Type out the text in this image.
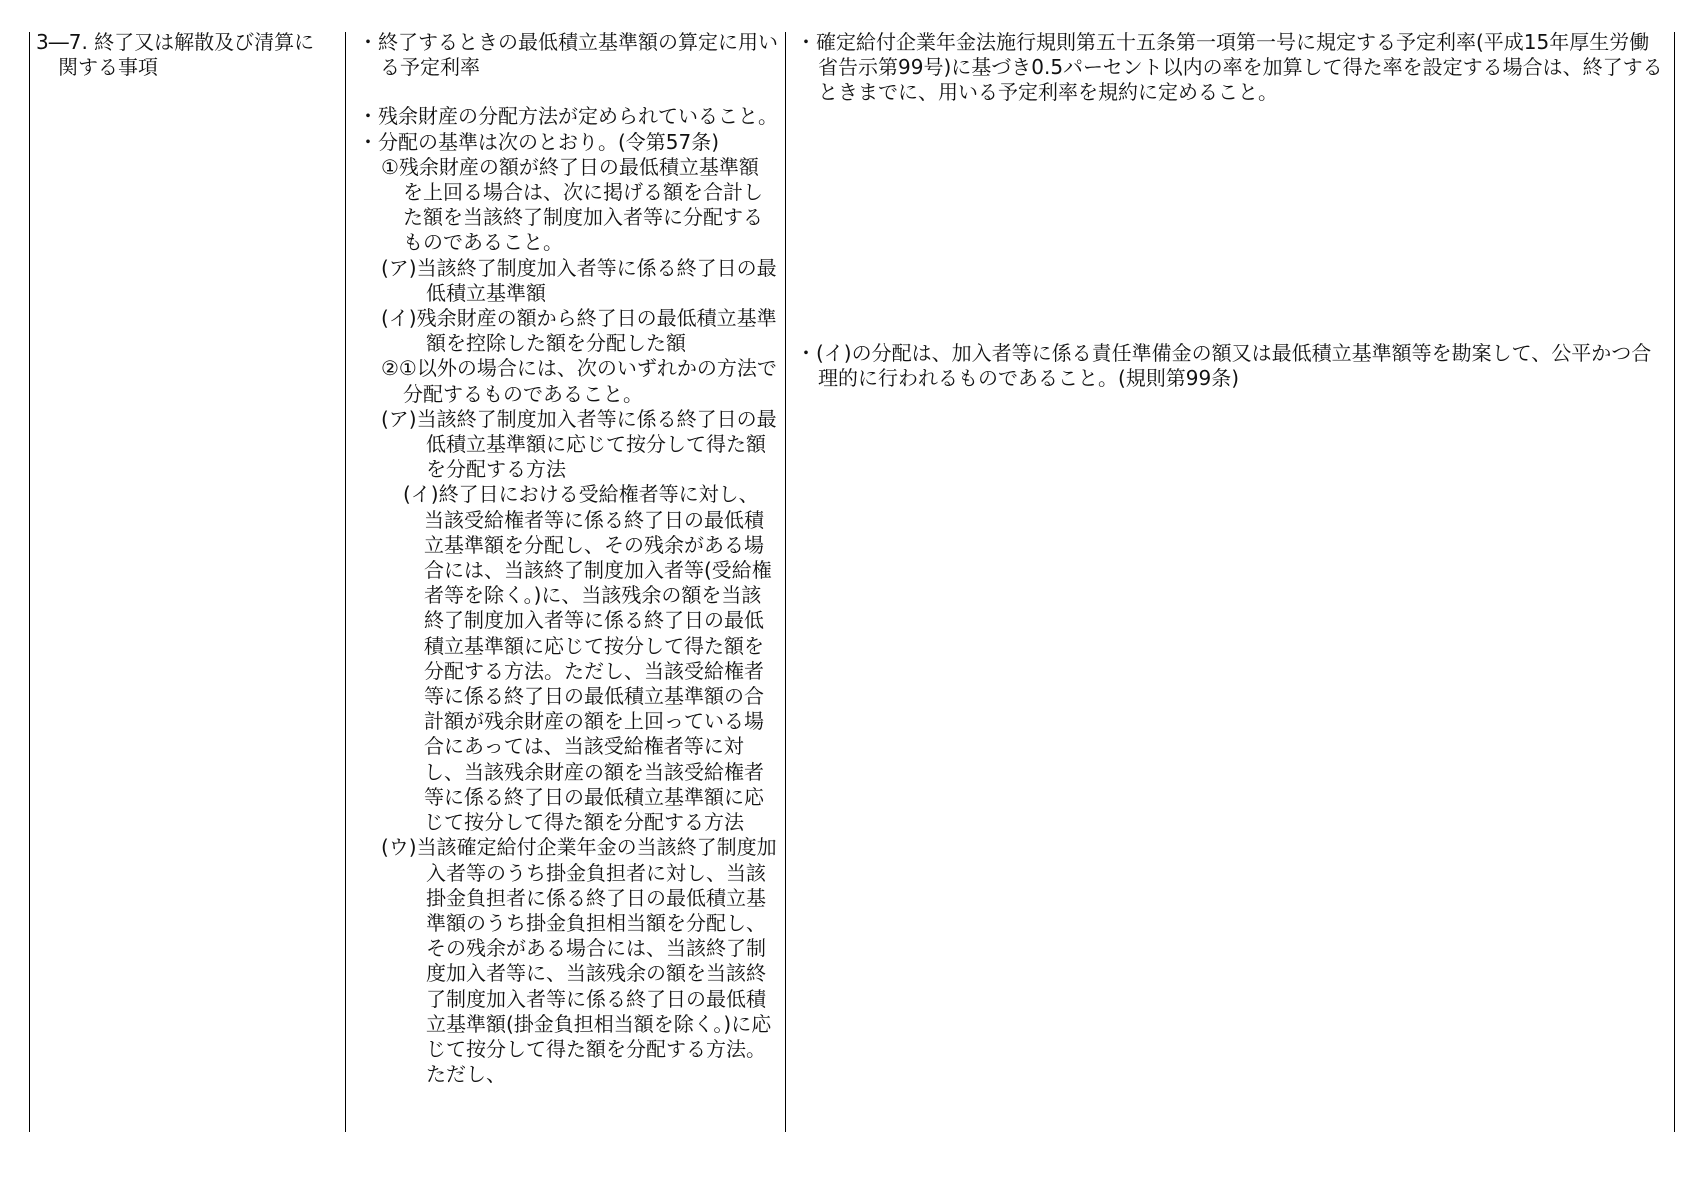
3―7. 終了又は解散及び清算に

関する事項

・終了するときの最低積立基準額の算定に用いる予定利率

・残余財産の分配方法が定められていること。

・分配の基準は次のとおり。(令第57条)

①残余財産の額が終了日の最低積立基準額を上回る場合は、次に掲げる額を合計した額を当該終了制度加入者等に分配するものであること。

(ア)当該終了制度加入者等に係る終了日の最低積立基準額

(イ)残余財産の額から終了日の最低積立基準額を控除した額を分配した額

②①以外の場合には、次のいずれかの方法で分配するものであること。

(ア)当該終了制度加入者等に係る終了日の最低積立基準額に応じて按分して得た額を分配する方法

(イ)終了日における受給権者等に対し、当該受給権者等に係る終了日の最低積立基準額を分配し、その残余がある場合には、当該終了制度加入者等(受給権者等を除く。)に、当該残余の額を当該終了制度加入者等に係る終了日の最低積立基準額に応じて按分して得た額を分配する方法。ただし、当該受給権者等に係る終了日の最低積立基準額の合計額が残余財産の額を上回っている場合にあっては、当該受給権者等に対し、当該残余財産の額を当該受給権者等に係る終了日の最低積立基準額に応じて按分して得た額を分配する方法

(ウ)当該確定給付企業年金の当該終了制度加入者等のうち掛金負担者に対し、当該掛金負担者に係る終了日の最低積立基準額のうち掛金負担相当額を分配し、その残余がある場合には、当該終了制度加入者等に、当該残余の額を当該終了制度加入者等に係る終了日の最低積立基準額(掛金負担相当額を除く。)に応じて按分して得た額を分配する方法。ただし、

・確定給付企業年金法施行規則第五十五条第一項第一号に規定する予定利率(平成15年厚生労働省告示第99号)に基づき0.5パーセント以内の率を加算して得た率を設定する場合は、終了するときまでに、用いる予定利率を規約に定めること。

・(イ)の分配は、加入者等に係る責任準備金の額又は最低積立基準額等を勘案して、公平かつ合理的に行われるものであること。(規則第99条)
